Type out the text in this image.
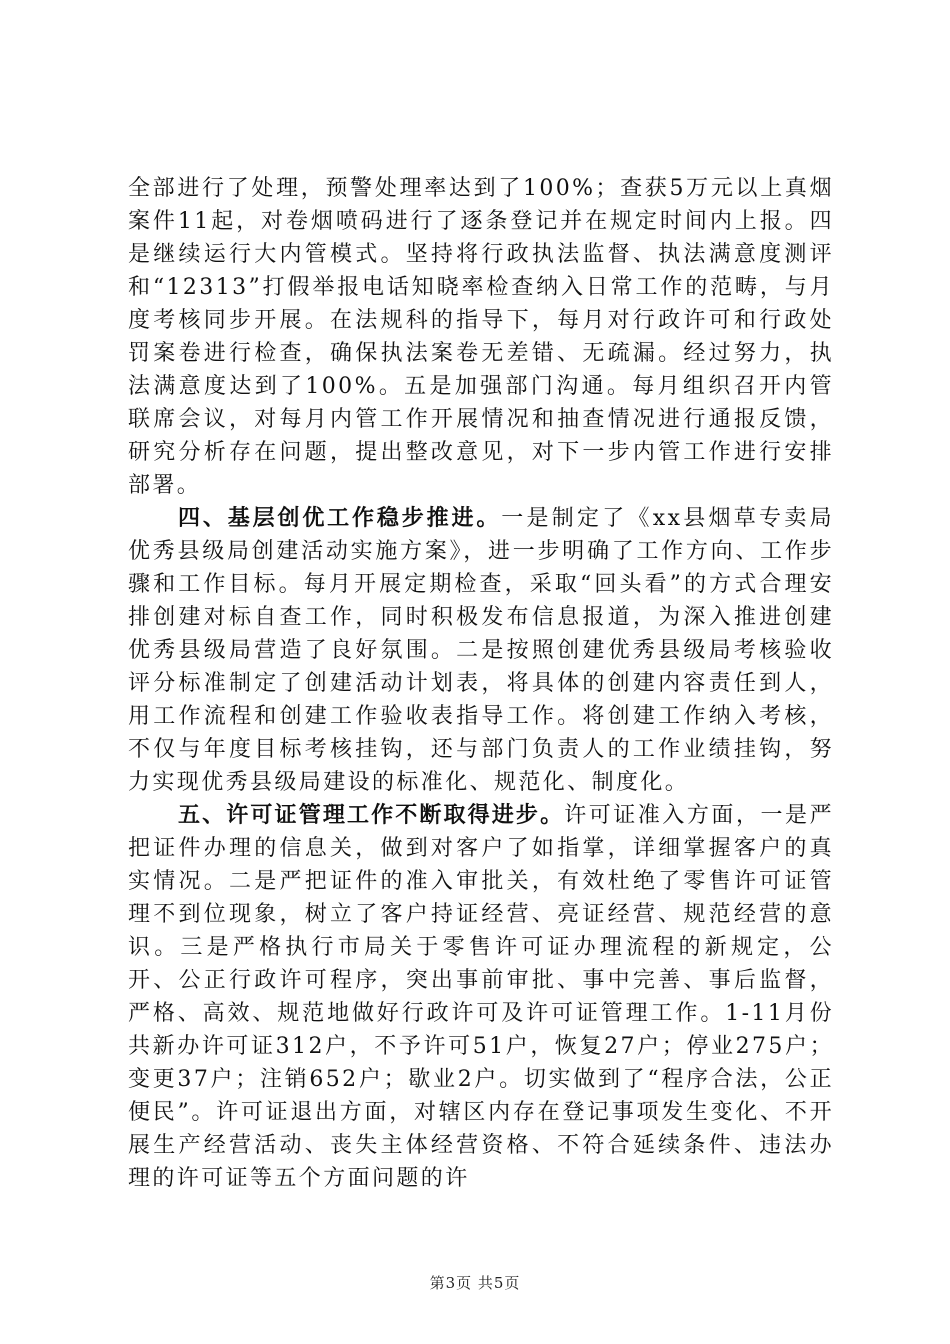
全部进行了处理，预警处理率达到了100%；查获5万元以上真烟案件11起，对卷烟喷码进行了逐条登记并在规定时间内上报。四是继续运行大内管模式。坚持将行政执法监督、执法满意度测评和“12313”打假举报电话知晓率检查纳入日常工作的范畴，与月度考核同步开展。在法规科的指导下，每月对行政许可和行政处罚案卷进行检查，确保执法案卷无差错、无疏漏。经过努力，执法满意度达到了100%。五是加强部门沟通。每月组织召开内管联席会议，对每月内管工作开展情况和抽查情况进行通报反馈，研究分析存在问题，提出整改意见，对下一步内管工作进行安排部署。

四、基层创优工作稳步推进。一是制定了《xx县烟草专卖局优秀县级局创建活动实施方案》，进一步明确了工作方向、工作步骤和工作目标。每月开展定期检查，采取“回头看”的方式合理安排创建对标自查工作，同时积极发布信息报道，为深入推进创建优秀县级局营造了良好氛围。二是按照创建优秀县级局考核验收评分标准制定了创建活动计划表，将具体的创建内容责任到人，用工作流程和创建工作验收表指导工作。将创建工作纳入考核，不仅与年度目标考核挂钩，还与部门负责人的工作业绩挂钩，努力实现优秀县级局建设的标准化、规范化、制度化。

五、许可证管理工作不断取得进步。许可证准入方面，一是严把证件办理的信息关，做到对客户了如指掌，详细掌握客户的真实情况。二是严把证件的准入审批关，有效杜绝了零售许可证管理不到位现象，树立了客户持证经营、亮证经营、规范经营的意识。三是严格执行市局关于零售许可证办理流程的新规定，公开、公正行政许可程序，突出事前审批、事中完善、事后监督，严格、高效、规范地做好行政许可及许可证管理工作。1-11月份共新办许可证312户，不予许可51户，恢复27户；停业275户；变更37户；注销652户；歇业2户。切实做到了“程序合法，公正便民”。许可证退出方面，对辖区内存在登记事项发生变化、不开展生产经营活动、丧失主体经营资格、不符合延续条件、违法办理的许可证等五个方面问题的许

第3页 共5页
